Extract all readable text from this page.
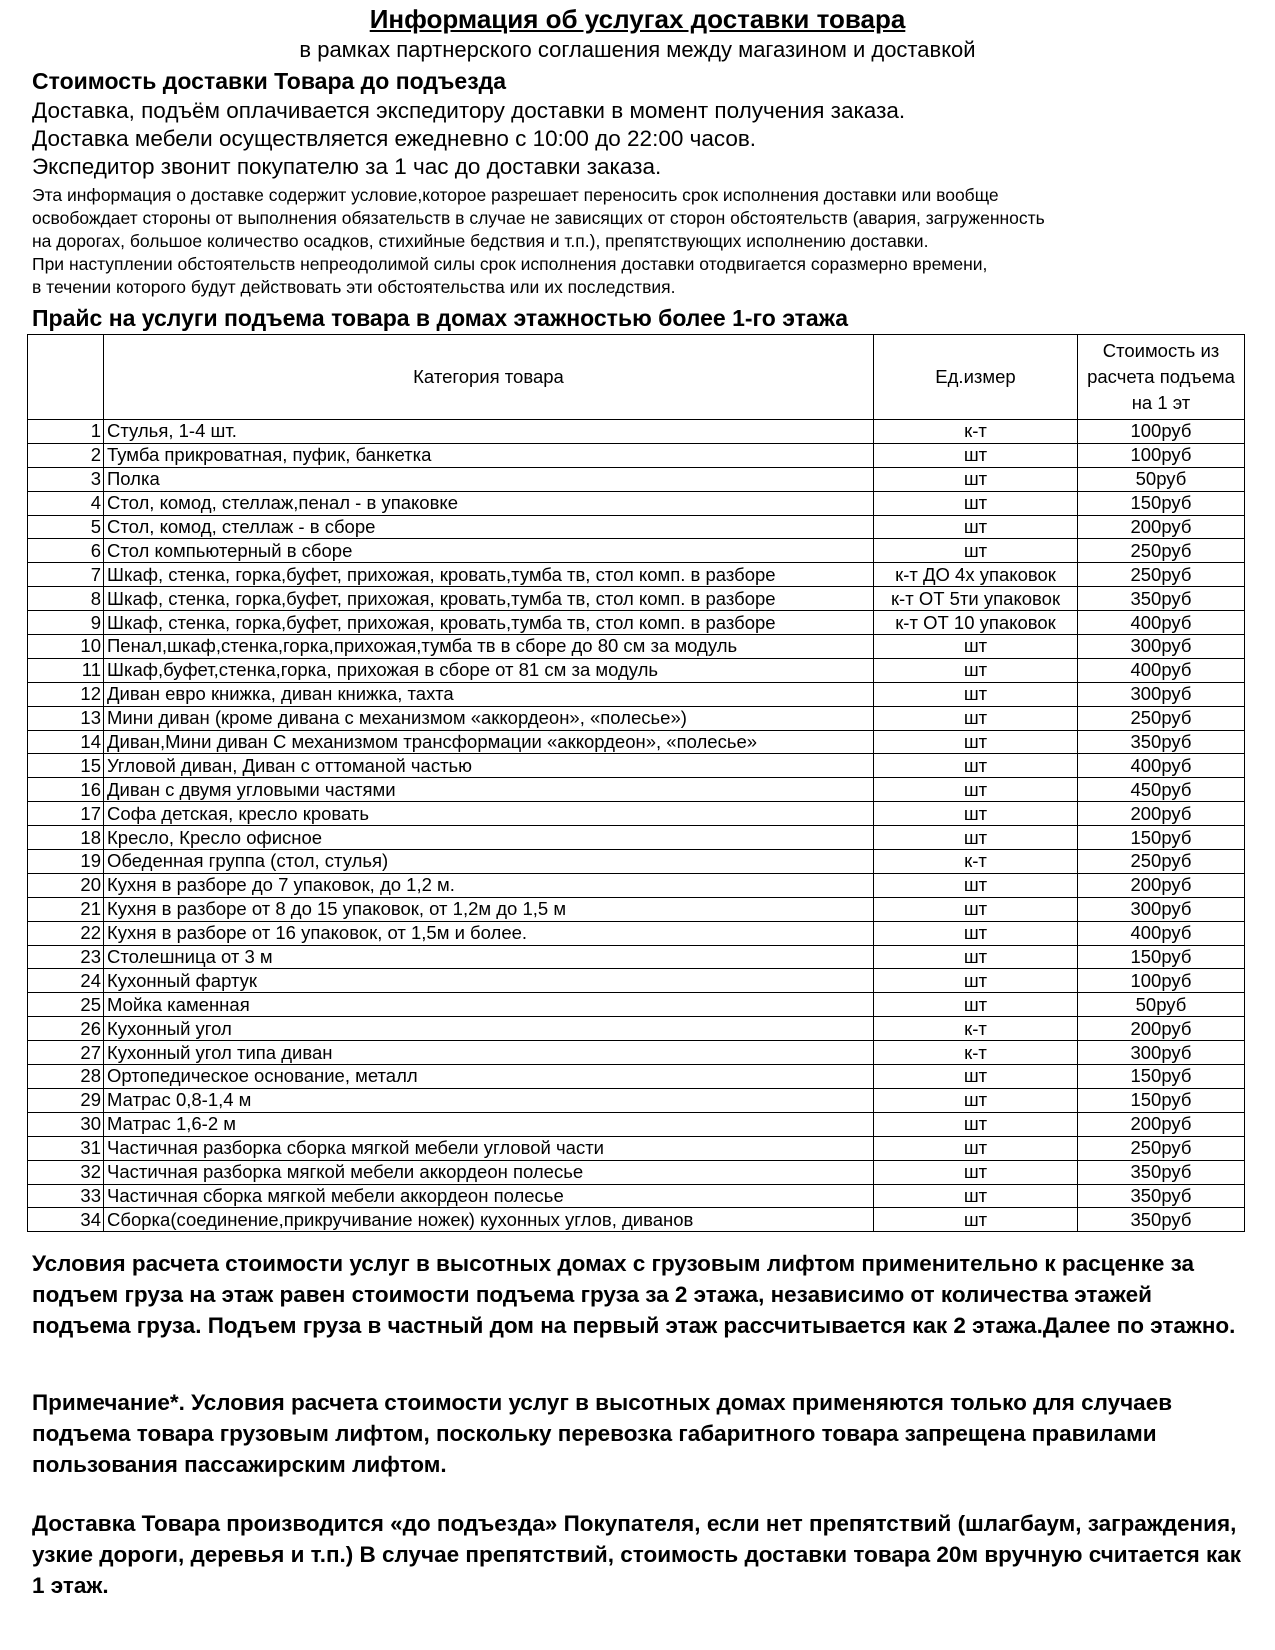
Информация об услугах доставки товара
в рамках партнерского соглашения между магазином и доставкой
Стоимость доставки Товара до подъезда
Доставка, подъём оплачивается экспедитору доставки в момент получения заказа.
Доставка мебели осуществляется ежедневно с 10:00 до 22:00 часов.
Экспедитор звонит покупателю за 1 час до доставки заказа.
Эта информация о доставке содержит условие,которое разрешает переносить срок исполнения доставки или вообще
освобождает стороны от выполнения обязательств в случае не зависящих от сторон обстоятельств (авария, загруженность
на дорогах, большое количество осадков, стихийные бедствия и т.п.), препятствующих исполнению доставки.
При наступлении обстоятельств непреодолимой силы срок исполнения доставки отодвигается соразмерно времени,
в течении которого будут действовать эти обстоятельства или их последствия.
Прайс на услуги подъема товара в домах этажностью более 1-го этажа
	Категория товара	Ед.измер	Стоимость из расчета подъема на 1 эт
1	Стулья, 1-4 шт.	к-т	100руб
2	Тумба прикроватная, пуфик, банкетка	шт	100руб
3	Полка	шт	50руб
4	Стол, комод, стеллаж,пенал - в упаковке	шт	150руб
5	Стол, комод, стеллаж - в сборе	шт	200руб
6	Стол компьютерный в сборе	шт	250руб
7	Шкаф, стенка, горка,буфет, прихожая, кровать,тумба тв, стол комп. в разборе	к-т ДО 4х упаковок	250руб
8	Шкаф, стенка, горка,буфет, прихожая, кровать,тумба тв, стол комп. в разборе	к-т ОТ 5ти упаковок	350руб
9	Шкаф, стенка, горка,буфет, прихожая, кровать,тумба тв, стол комп. в разборе	к-т ОТ 10 упаковок	400руб
10	Пенал,шкаф,стенка,горка,прихожая,тумба тв в сборе до 80 см за модуль	шт	300руб
11	Шкаф,буфет,стенка,горка, прихожая в сборе от 81 см за модуль	шт	400руб
12	Диван евро книжка, диван книжка, тахта	шт	300руб
13	Мини диван (кроме дивана с механизмом «аккордеон», «полесье»)	шт	250руб
14	Диван,Мини диван С механизмом трансформации «аккордеон», «полесье»	шт	350руб
15	Угловой диван, Диван с оттоманой частью	шт	400руб
16	Диван с двумя угловыми частями	шт	450руб
17	Софа детская, кресло кровать	шт	200руб
18	Кресло, Кресло офисное	шт	150руб
19	Обеденная группа (стол, стулья)	к-т	250руб
20	Кухня в разборе до 7 упаковок, до 1,2 м.	шт	200руб
21	Кухня в разборе от 8 до 15 упаковок, от 1,2м до 1,5 м	шт	300руб
22	Кухня в разборе от 16 упаковок, от 1,5м и более.	шт	400руб
23	Столешница от 3 м	шт	150руб
24	Кухонный фартук	шт	100руб
25	Мойка каменная	шт	50руб
26	Кухонный угол	к-т	200руб
27	Кухонный угол типа диван	к-т	300руб
28	Ортопедическое основание, металл	шт	150руб
29	Матрас 0,8-1,4 м	шт	150руб
30	Матрас 1,6-2 м	шт	200руб
31	Частичная разборка сборка мягкой мебели угловой части	шт	250руб
32	Частичная разборка мягкой мебели аккордеон полесье	шт	350руб
33	Частичная сборка мягкой мебели аккордеон полесье	шт	350руб
34	Сборка(соединение,прикручивание ножек) кухонных углов, диванов	шт	350руб
Условия расчета стоимости услуг в высотных домах с грузовым лифтом применительно к расценке за подъем груза на этаж равен стоимости подъема груза за 2 этажа, независимо от количества этажей подъема груза. Подъем груза в частный дом на первый этаж рассчитывается как 2 этажа.Далее по этажно.
Примечание*. Условия расчета стоимости услуг в высотных домах применяются только для случаев подъема товара грузовым лифтом, поскольку перевозка габаритного товара запрещена правилами пользования пассажирским лифтом.
Доставка Товара производится «до подъезда» Покупателя, если нет препятствий (шлагбаум, заграждения, узкие дороги, деревья и т.п.) В случае препятствий, стоимость доставки товара 20м вручную считается как 1 этаж.
